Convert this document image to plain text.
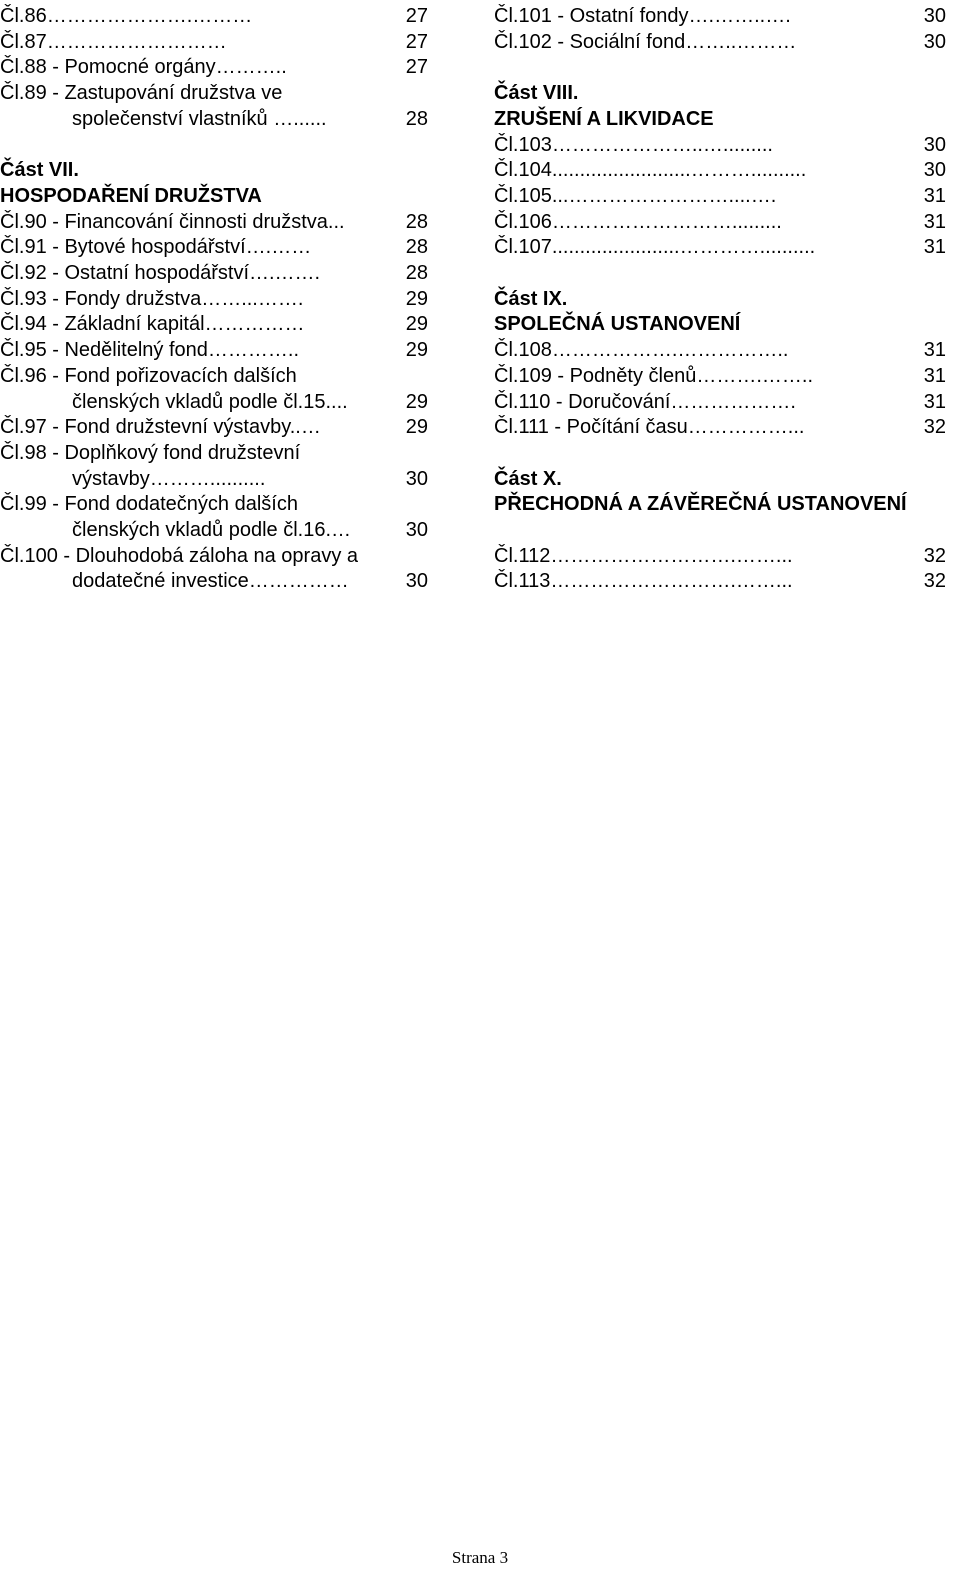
Čl.86………………….………	27
Čl.87………………………	27
Čl.88 - Pomocné orgány………..	27
Čl.89 - Zastupování družstva ve
společenství vlastníků …......	28
Část VII.
HOSPODAŘENÍ DRUŽSTVA
Čl.90 - Financování činnosti družstva...	28
Čl.91 - Bytové hospodářství….……	28
Čl.92 - Ostatní hospodářství….…….	28
Čl.93 - Fondy družstva……...…….	29
Čl.94 - Základní kapitál……………	29
Čl.95 - Nedělitelný fond…………..	29
Čl.96 - Fond pořizovacích dalších
členských vkladů podle čl.15....	29
Čl.97 - Fond družstevní výstavby..…	29
Čl.98 - Doplňkový fond družstevní
výstavby………..........	30
Čl.99 - Fond dodatečných dalších
členských vkladů podle čl.16.…	30
Čl.100 - Dlouhodobá záloha na opravy a
dodatečné investice……………	30
Čl.101 - Ostatní fondy….……..….	30
Čl.102 - Sociální fond……..………	30
Část VIII.
ZRUŠENÍ A LIKVIDACE
Čl.103…………………..….........	30
Čl.104.........................………..........	30
Čl.105...……………………....….	31
Čl.106……………………….........	31
Čl.107.......................…………..........	31
Část IX.
SPOLEČNÁ USTANOVENÍ
Čl.108……………….……………..	31
Čl.109 - Podněty členů……….……..	31
Čl.110 - Doručování……………….	31
Čl.111 - Počítání času……………...	32
Část X.
PŘECHODNÁ A ZÁVĚREČNÁ USTANOVENÍ
Čl.112……………………….……...	32
Čl.113……………………….……...	32
Strana 3
